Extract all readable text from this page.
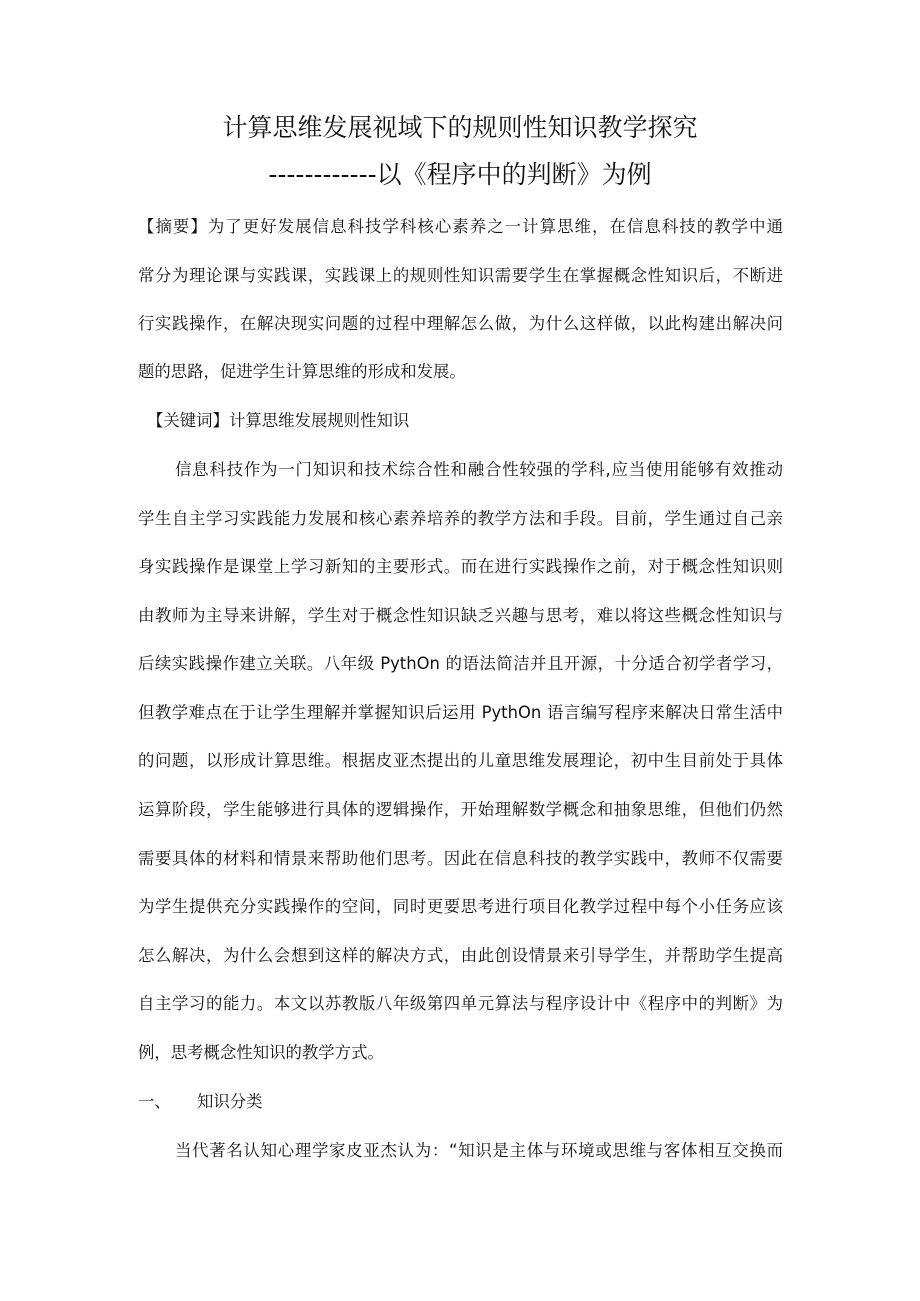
计算思维发展视域下的规则性知识教学探究
------------以《程序中的判断》为例
【摘要】为了更好发展信息科技学科核心素养之一计算思维，在信息科技的教学中通
常分为理论课与实践课，实践课上的规则性知识需要学生在掌握概念性知识后，不断进
行实践操作，在解决现实问题的过程中理解怎么做，为什么这样做，以此构建出解决问
题的思路，促进学生计算思维的形成和发展。
【关键词】计算思维发展规则性知识
信息科技作为一门知识和技术综合性和融合性较强的学科,应当使用能够有效推动
学生自主学习实践能力发展和核心素养培养的教学方法和手段。目前，学生通过自己亲
身实践操作是课堂上学习新知的主要形式。而在进行实践操作之前，对于概念性知识则
由教师为主导来讲解，学生对于概念性知识缺乏兴趣与思考，难以将这些概念性知识与
后续实践操作建立关联。八年级 PythOn 的语法简洁并且开源，十分适合初学者学习，
但教学难点在于让学生理解并掌握知识后运用 PythOn 语言编写程序来解决日常生活中
的问题，以形成计算思维。根据皮亚杰提出的儿童思维发展理论，初中生目前处于具体
运算阶段，学生能够进行具体的逻辑操作，开始理解数学概念和抽象思维，但他们仍然
需要具体的材料和情景来帮助他们思考。因此在信息科技的教学实践中，教师不仅需要
为学生提供充分实践操作的空间，同时更要思考进行项目化教学过程中每个小任务应该
怎么解决，为什么会想到这样的解决方式，由此创设情景来引导学生，并帮助学生提高
自主学习的能力。本文以苏教版八年级第四单元算法与程序设计中《程序中的判断》为
例，思考概念性知识的教学方式。
一、 知识分类
当代著名认知心理学家皮亚杰认为：“知识是主体与环境或思维与客体相互交换而
